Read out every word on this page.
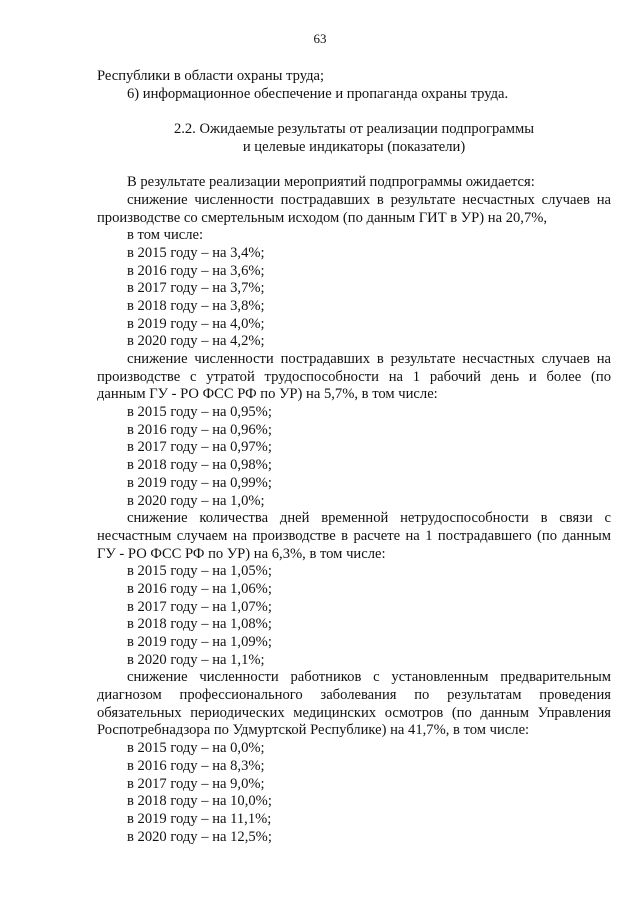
63
Республики в области охраны труда;
6) информационное обеспечение и пропаганда охраны труда.
2.2. Ожидаемые результаты от реализации подпрограммы
и целевые индикаторы (показатели)
В результате реализации мероприятий подпрограммы ожидается:
снижение численности пострадавших в результате несчастных случаев на
производстве со смертельным исходом (по данным ГИТ в УР) на 20,7%,
в том числе:
в 2015 году – на 3,4%;
в 2016 году – на 3,6%;
в 2017 году – на 3,7%;
в 2018 году – на 3,8%;
в 2019 году – на 4,0%;
в 2020 году – на 4,2%;
снижение численности пострадавших в результате несчастных случаев на
производстве с утратой трудоспособности на 1 рабочий день и более (по
данным ГУ - РО ФСС РФ по УР) на 5,7%, в том числе:
в 2015 году – на 0,95%;
в 2016 году – на 0,96%;
в 2017 году – на 0,97%;
в 2018 году – на 0,98%;
в 2019 году – на 0,99%;
в 2020 году – на 1,0%;
снижение количества дней временной нетрудоспособности в связи с
несчастным случаем на производстве в расчете на 1 пострадавшего (по данным
ГУ - РО ФСС РФ по УР) на 6,3%, в том числе:
в 2015 году – на 1,05%;
в 2016 году – на 1,06%;
в 2017 году – на 1,07%;
в 2018 году – на 1,08%;
в 2019 году – на 1,09%;
в 2020 году – на 1,1%;
снижение численности работников с установленным предварительным
диагнозом профессионального заболевания по результатам проведения
обязательных периодических медицинских осмотров (по данным Управления
Роспотребнадзора по Удмуртской Республике) на 41,7%, в том числе:
в 2015 году – на 0,0%;
в 2016 году – на 8,3%;
в 2017 году – на 9,0%;
в 2018 году – на 10,0%;
в 2019 году – на 11,1%;
в 2020 году – на 12,5%;
